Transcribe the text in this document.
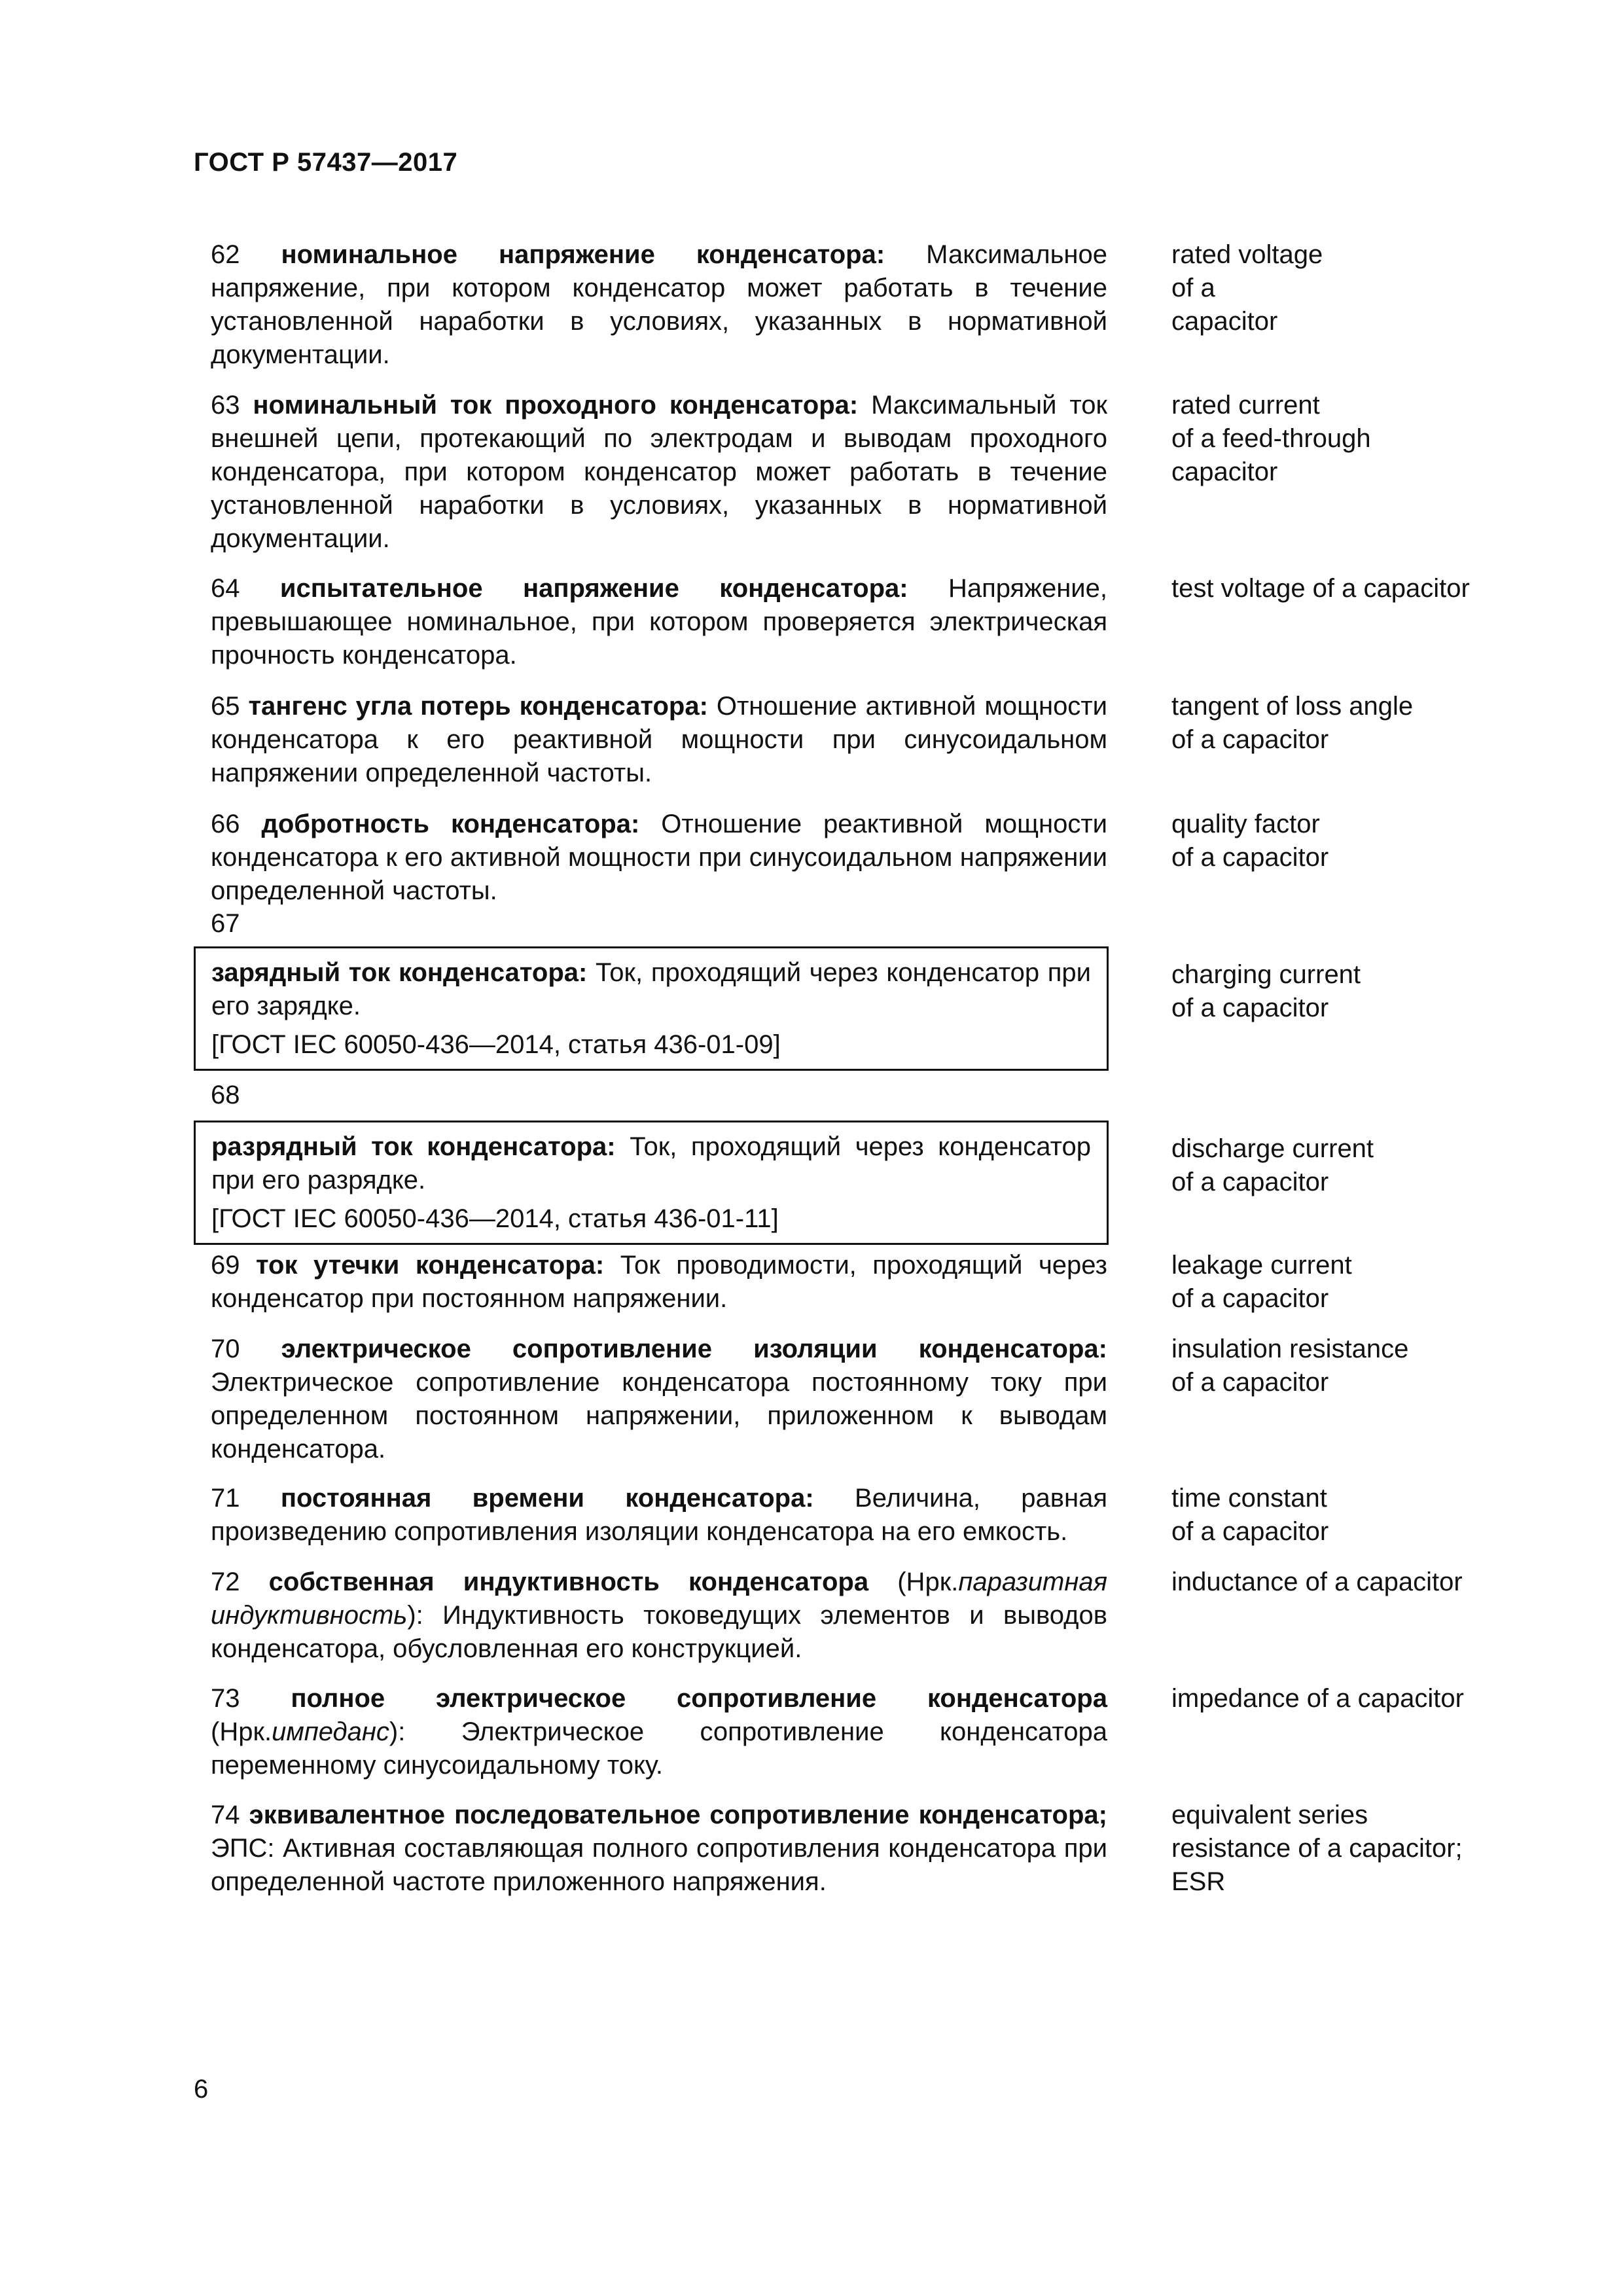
ГОСТ Р 57437—2017
62 номинальное напряжение конденсатора: Максимальное напряжение, при котором конденсатор может работать в течение установленной наработки в условиях, указанных в нормативной документации.
rated voltage
of a
capacitor
63 номинальный ток проходного конденсатора: Максимальный ток внешней цепи, протекающий по электродам и выводам проходного конденсатора, при котором конденсатор может работать в течение установленной наработки в условиях, указанных в нормативной документации.
rated current
of a feed-through
capacitor
64 испытательное напряжение конденсатора: Напряжение, превышающее номинальное, при котором проверяется электрическая прочность конденсатора.
test voltage of a capacitor
65 тангенс угла потерь конденсатора: Отношение активной мощности конденсатора к его реактивной мощности при синусоидальном напряжении определенной частоты.
tangent of loss angle
of a capacitor
66 добротность конденсатора: Отношение реактивной мощности конденсатора к его активной мощности при синусоидальном напряжении определенной частоты.
quality factor
of a capacitor
67
зарядный ток конденсатора: Ток, проходящий через конденсатор при его зарядке.
[ГОСТ IEC 60050-436—2014, статья 436-01-09]
charging current
of a capacitor
68
разрядный ток конденсатора: Ток, проходящий через конденсатор при его разрядке.
[ГОСТ IEC 60050-436—2014, статья 436-01-11]
discharge current
of a capacitor
69 ток утечки конденсатора: Ток проводимости, проходящий через конденсатор при постоянном напряжении.
leakage current
of a capacitor
70 электрическое сопротивление изоляции конденсатора: Электрическое сопротивление конденсатора постоянному току при определенном постоянном напряжении, приложенном к выводам конденсатора.
insulation resistance
of a capacitor
71 постоянная времени конденсатора: Величина, равная произведению сопротивления изоляции конденсатора на его емкость.
time constant
of a capacitor
72 собственная индуктивность конденсатора (Нрк.паразитная индуктивность): Индуктивность токоведущих элементов и выводов конденсатора, обусловленная его конструкцией.
inductance of a capacitor
73 полное электрическое сопротивление конденсатора (Нрк.импеданс): Электрическое сопротивление конденсатора переменному синусоидальному току.
impedance of a capacitor
74 эквивалентное последовательное сопротивление конденсатора; ЭПС: Активная составляющая полного сопротивления конденсатора при определенной частоте приложенного напряжения.
equivalent series
resistance of a capacitor;
ESR
6
